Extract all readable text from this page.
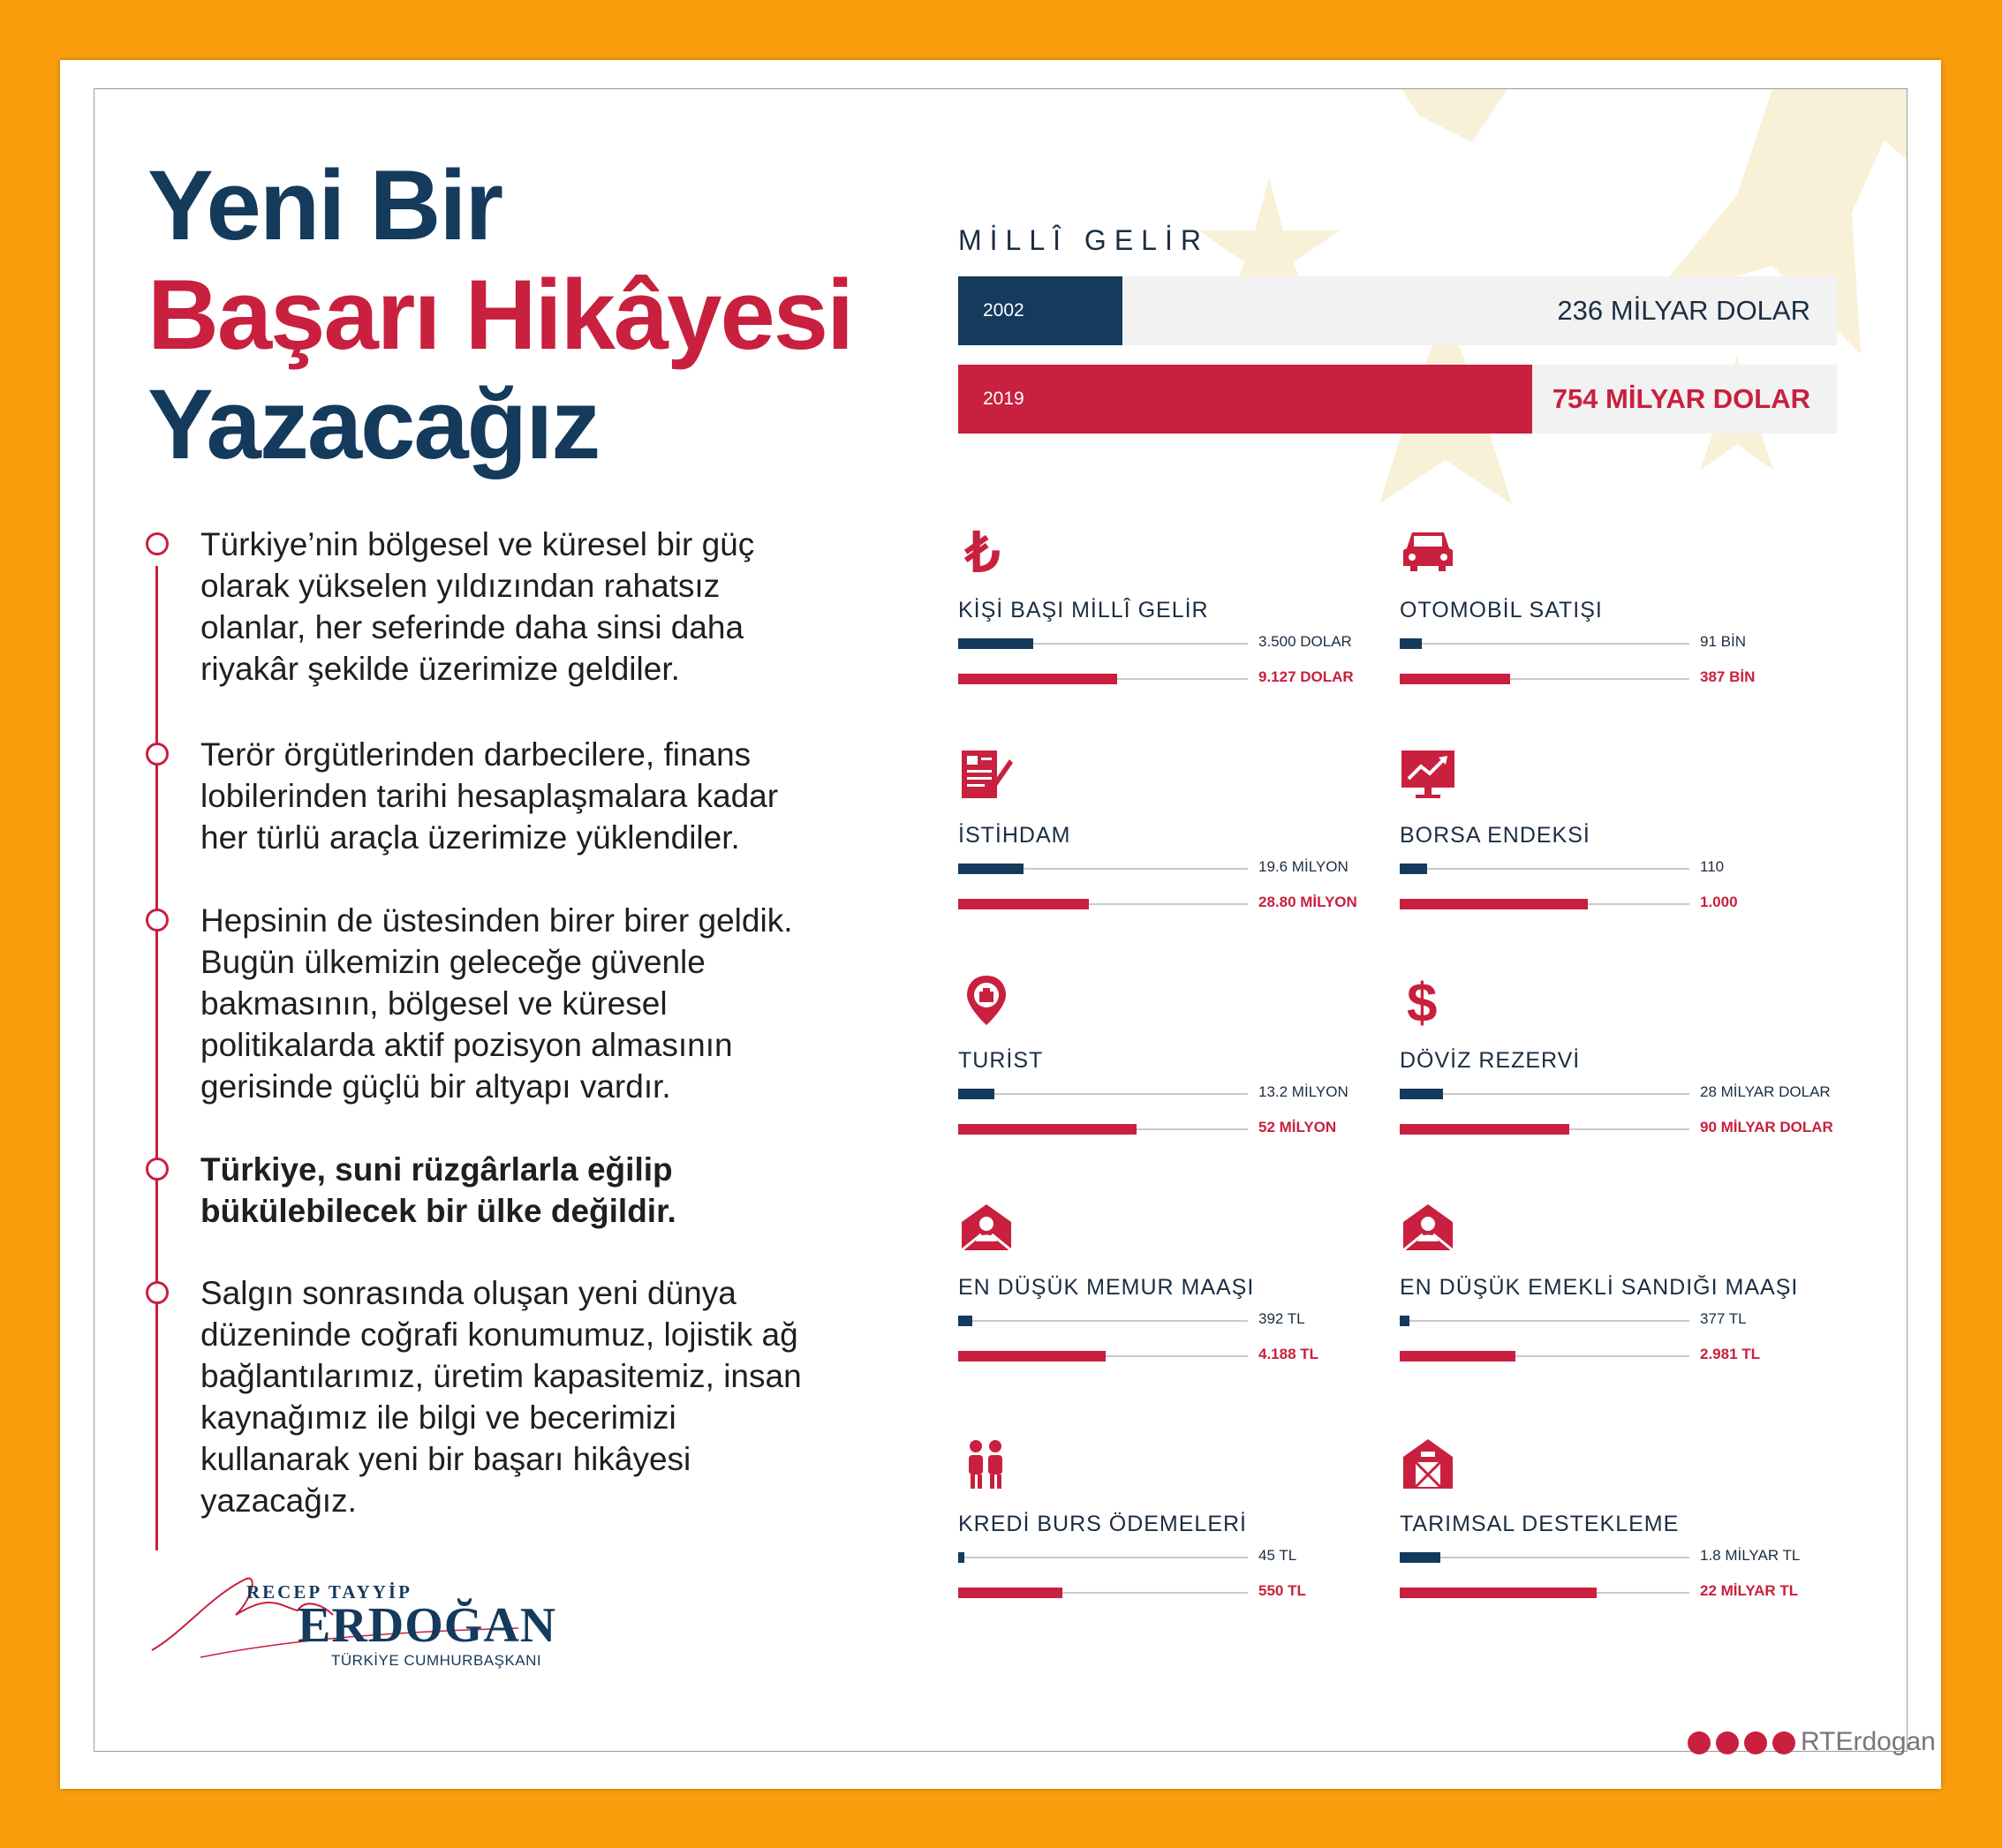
Yeni Bir
Başarı Hikâyesi
Yazacağız
Türkiye’nin bölgesel ve küresel bir güç olarak yükselen yıldızından rahatsız olanlar, her seferinde daha sinsi daha riyakâr şekilde üzerimize geldiler.
Terör örgütlerinden darbecilere, finans lobilerinden tarihi hesaplaşmalara kadar her türlü araçla üzerimize yüklendiler.
Hepsinin de üstesinden birer birer geldik. Bugün ülkemizin geleceğe güvenle bakmasının, bölgesel ve küresel politikalarda aktif pozisyon almasının gerisinde güçlü bir altyapı vardır.
Türkiye, suni rüzgârlarla eğilip bükülebilecek bir ülke değildir.
Salgın sonrasında oluşan yeni dünya düzeninde coğrafi konumumuz, lojistik ağ bağlantılarımız, üretim kapasitemiz, insan kaynağımız ile bilgi ve becerimizi kullanarak yeni bir başarı hikâyesi yazacağız.
RECEP TAYYİP
ERDOĞAN
TÜRKİYE CUMHURBAŞKANI
MİLLÎ GELİR
2002	236 MİLYAR DOLAR
2019	754 MİLYAR DOLAR
₺
KİŞİ BAŞI MİLLÎ GELİR
3.500 DOLAR
9.127 DOLAR
OTOMOBİL SATIŞI
91 BİN
387 BİN
İSTİHDAM
19.6 MİLYON
28.80 MİLYON
BORSA ENDEKSİ
110
1.000
TURİST
13.2 MİLYON
52 MİLYON
$
DÖVİZ REZERVİ
28 MİLYAR DOLAR
90 MİLYAR DOLAR
EN DÜŞÜK MEMUR MAAŞI
392 TL
4.188 TL
EN DÜŞÜK EMEKLİ SANDIĞI MAAŞI
377 TL
2.981 TL
KREDİ BURS ÖDEMELERİ
45 TL
550 TL
TARIMSAL DESTEKLEME
1.8 MİLYAR TL
22 MİLYAR TL
RTErdogan
